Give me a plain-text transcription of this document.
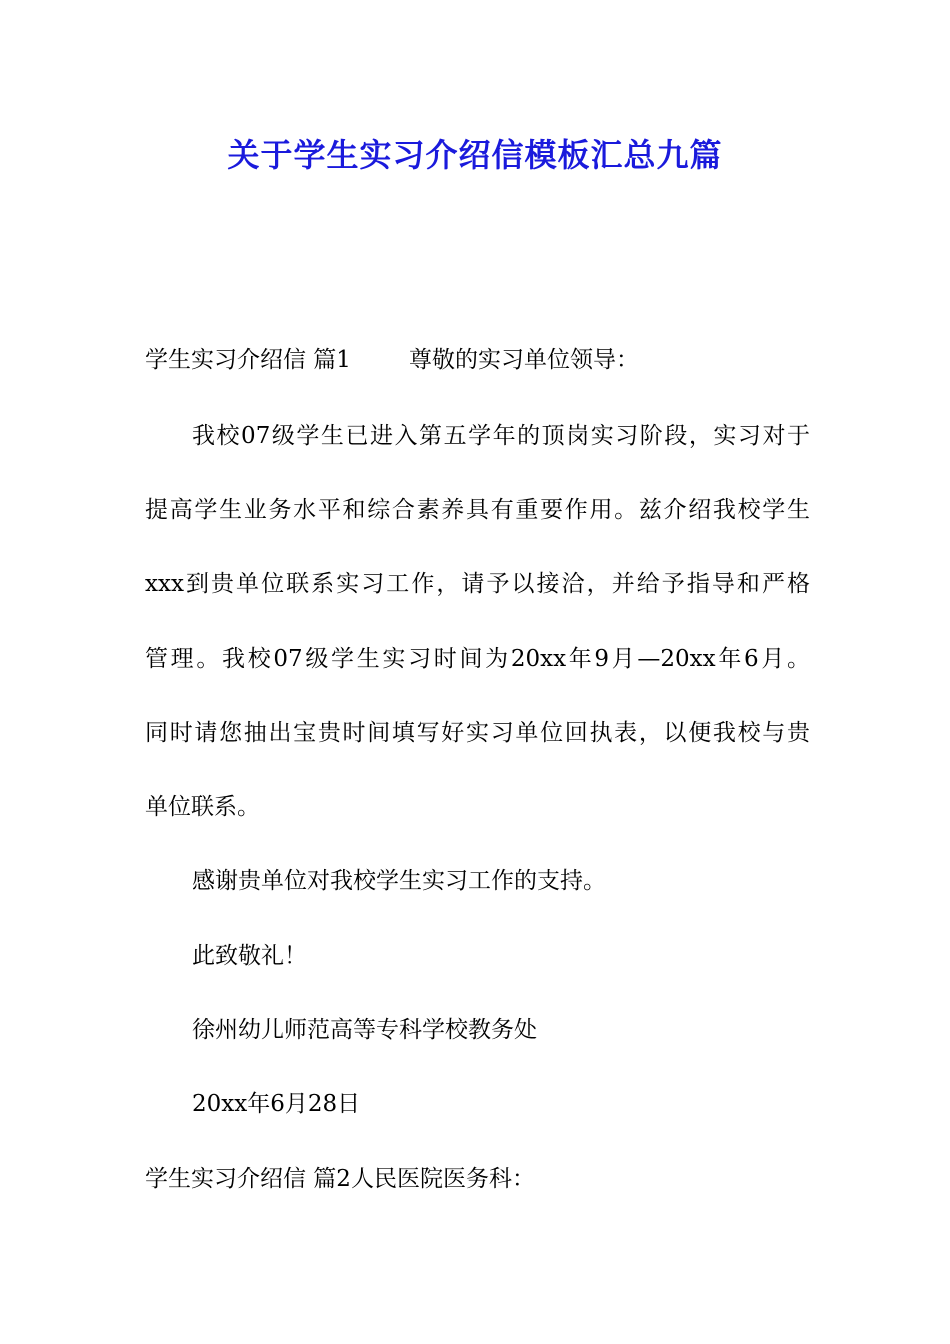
关于学生实习介绍信模板汇总九篇

学生实习介绍信 篇1	尊敬的实习单位领导：

我校07级学生已进入第五学年的顶岗实习阶段，实习对于

提高学生业务水平和综合素养具有重要作用。兹介绍我校学生

xxx到贵单位联系实习工作，请予以接洽，并给予指导和严格

管理。我校07级学生实习时间为20xx年9月—20xx年6月。

同时请您抽出宝贵时间填写好实习单位回执表，以便我校与贵

单位联系。

感谢贵单位对我校学生实习工作的支持。

此致敬礼！

徐州幼儿师范高等专科学校教务处

20xx年6月28日

学生实习介绍信 篇2人民医院医务科：
